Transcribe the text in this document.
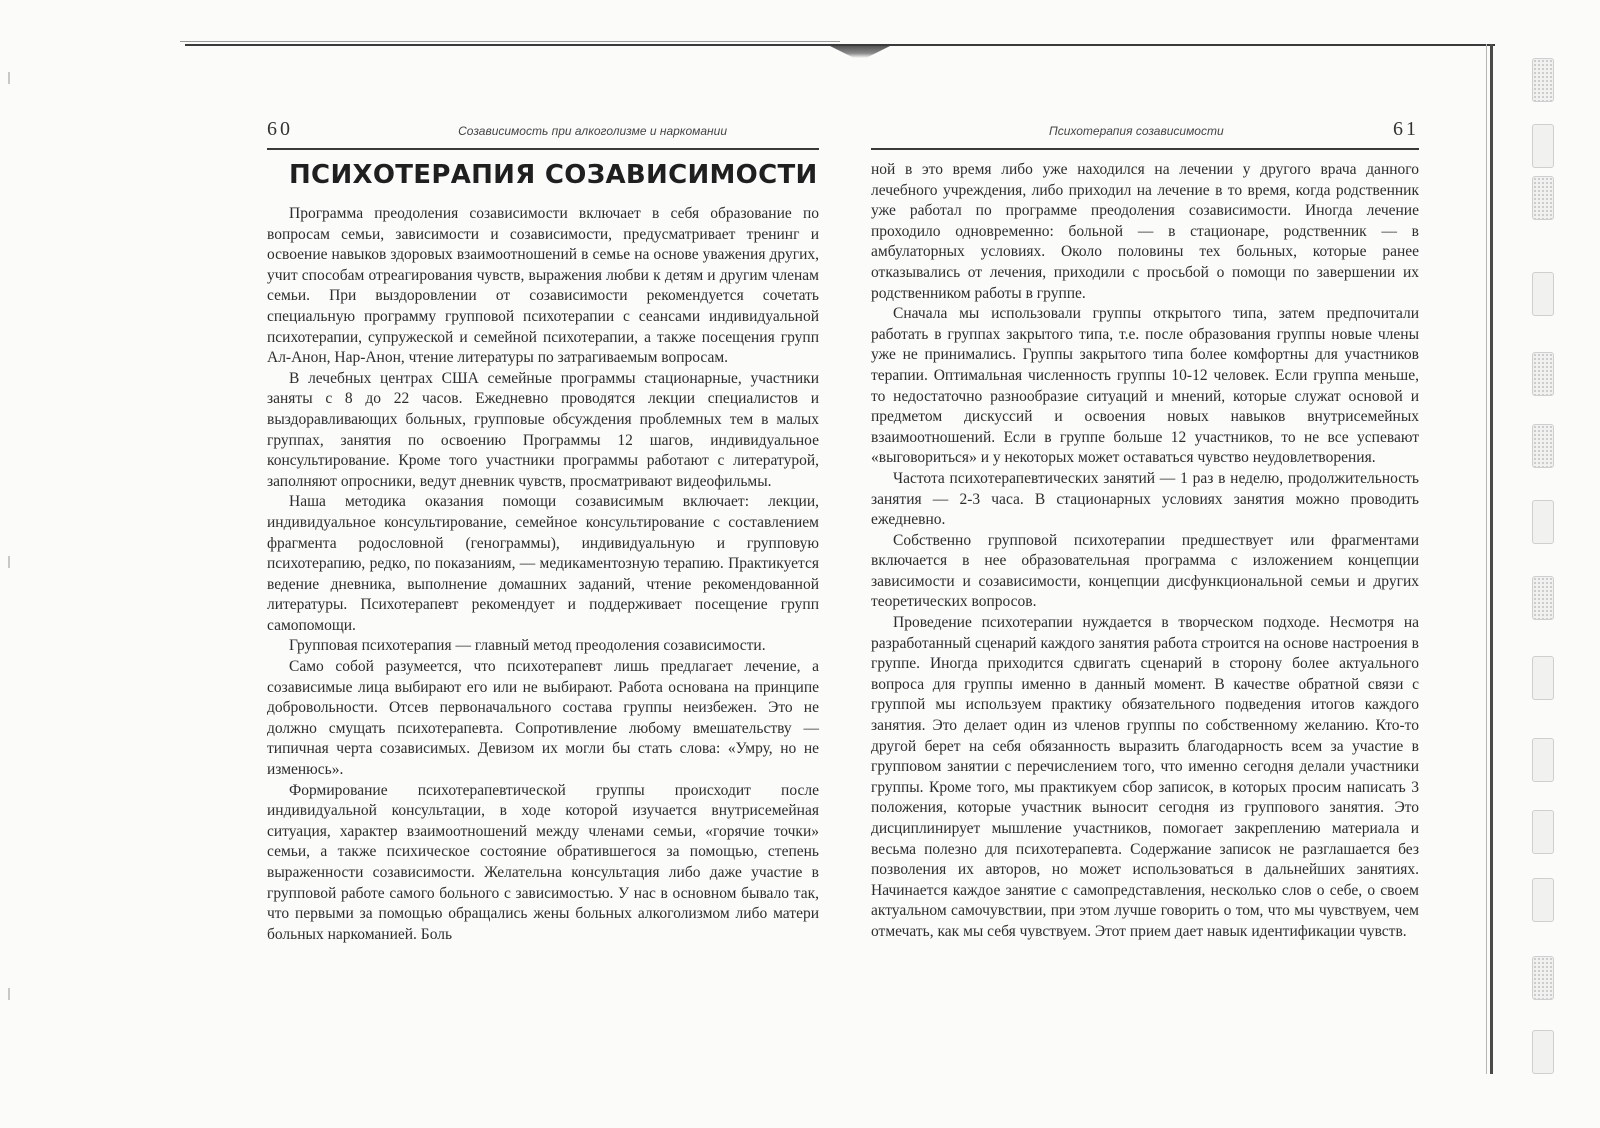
60	Созависимость при алкоголизме и наркомании
ПСИХОТЕРАПИЯ СОЗАВИСИМОСТИ

Программа преодоления созависимости включает в себя образование по вопросам семьи, зависимости и созависимости, предусматривает тренинг и освоение навыков здоровых взаимоотношений в семье на основе уважения других, учит способам отреагирования чувств, выражения любви к детям и другим членам семьи. При выздоровлении от созависимости рекомендуется сочетать специальную программу групповой психотерапии с сеансами индивидуальной психотерапии, супружеской и семейной психотерапии, а также посещения групп Ал-Анон, Нар-Анон, чтение литературы по затрагиваемым вопросам.

В лечебных центрах США семейные программы стационарные, участники заняты с 8 до 22 часов. Ежедневно проводятся лекции специалистов и выздоравливающих больных, групповые обсуждения проблемных тем в малых группах, занятия по освоению Программы 12 шагов, индивидуальное консультирование. Кроме того участники программы работают с литературой, заполняют опросники, ведут дневник чувств, просматривают видеофильмы.

Наша методика оказания помощи созависимым включает: лекции, индивидуальное консультирование, семейное консультирование с составлением фрагмента родословной (генограммы), индивидуальную и групповую психотерапию, редко, по показаниям, — медикаментозную терапию. Практикуется ведение дневника, выполнение домашних заданий, чтение рекомендованной литературы. Психотерапевт рекомендует и поддерживает посещение групп самопомощи.

Групповая психотерапия — главный метод преодоления созависимости.

Само собой разумеется, что психотерапевт лишь предлагает лечение, а созависимые лица выбирают его или не выбирают. Работа основана на принципе добровольности. Отсев первоначального состава группы неизбежен. Это не должно смущать психотерапевта. Сопротивление любому вмешательству — типичная черта созависимых. Девизом их могли бы стать слова: «Умру, но не изменюсь».

Формирование психотерапевтической группы происходит после индивидуальной консультации, в ходе которой изучается внутрисемейная ситуация, характер взаимоотношений между членами семьи, «горячие точки» семьи, а также психическое состояние обратившегося за помощью, степень выраженности созависимости. Желательна консультация либо даже участие в групповой работе самого больного с зависимостью. У нас в основном бывало так, что первыми за помощью обращались жены больных алкоголизмом либо матери больных наркоманией. Боль

Психотерапия созависимости	61

ной в это время либо уже находился на лечении у другого врача данного лечебного учреждения, либо приходил на лечение в то время, когда родственник уже работал по программе преодоления созависимости. Иногда лечение проходило одновременно: больной — в стационаре, родственник — в амбулаторных условиях. Около половины тех больных, которые ранее отказывались от лечения, приходили с просьбой о помощи по завершении их родственником работы в группе.

Сначала мы использовали группы открытого типа, затем предпочитали работать в группах закрытого типа, т.е. после образования группы новые члены уже не принимались. Группы закрытого типа более комфортны для участников терапии. Оптимальная численность группы 10-12 человек. Если группа меньше, то недостаточно разнообразие ситуаций и мнений, которые служат основой и предметом дискуссий и освоения новых навыков внутрисемейных взаимоотношений. Если в группе больше 12 участников, то не все успевают «выговориться» и у некоторых может оставаться чувство неудовлетворения.

Частота психотерапевтических занятий — 1 раз в неделю, продолжительность занятия — 2-3 часа. В стационарных условиях занятия можно проводить ежедневно.

Собственно групповой психотерапии предшествует или фрагментами включается в нее образовательная программа с изложением концепции зависимости и созависимости, концепции дисфункциональной семьи и других теоретических вопросов.

Проведение психотерапии нуждается в творческом подходе. Несмотря на разработанный сценарий каждого занятия работа строится на основе настроения в группе. Иногда приходится сдвигать сценарий в сторону более актуального вопроса для группы именно в данный момент. В качестве обратной связи с группой мы используем практику обязательного подведения итогов каждого занятия. Это делает один из членов группы по собственному желанию. Кто-то другой берет на себя обязанность выразить благодарность всем за участие в групповом занятии с перечислением того, что именно сегодня делали участники группы. Кроме того, мы практикуем сбор записок, в которых просим написать 3 положения, которые участник выносит сегодня из группового занятия. Это дисциплинирует мышление участников, помогает закреплению материала и весьма полезно для психотерапевта. Содержание записок не разглашается без позволения их авторов, но может использоваться в дальнейших занятиях. Начинается каждое занятие с самопредставления, несколько слов о себе, о своем актуальном самочувствии, при этом лучше говорить о том, что мы чувствуем, чем отмечать, как мы себя чувствуем. Этот прием дает навык идентификации чувств.
